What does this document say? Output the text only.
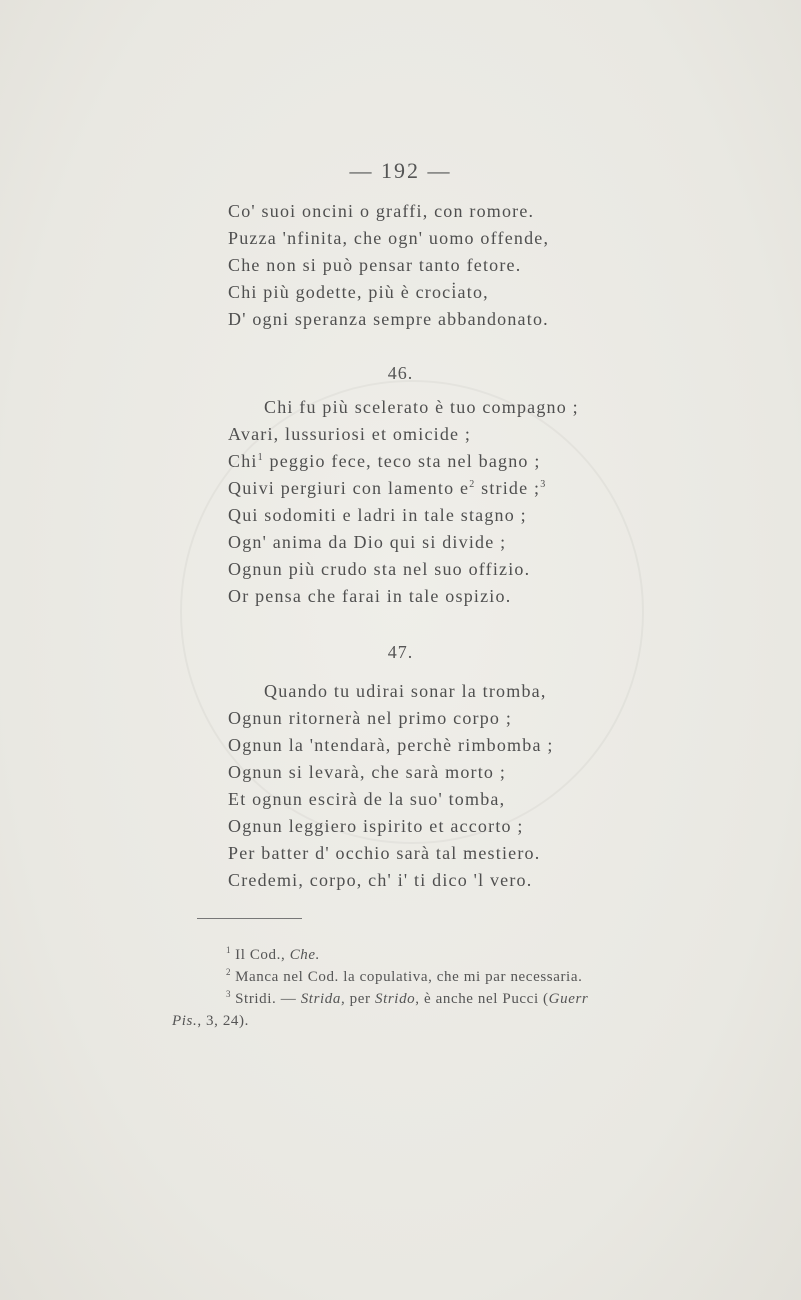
— 192 —
Co' suoi oncini o graffi, con romore.
Puzza 'nfinita, che ogn' uomo offende,
Che non si può pensar tanto fetore.
Chi più godette, più è croci̇ato,
D' ogni speranza sempre abbandonato.
46.
Chi fu più scelerato è tuo compagno ;
Avari, lussuriosi et omicide ;
Chi$^1$ peggio fece, teco sta nel bagno ;
Quivi pergiuri con lamento $e^2$ stride ;$^3$
Qui sodomiti e ladri in tale stagno ;
Ogn' anima da Dio qui si divide ;
Ognun più crudo sta nel suo offizio.
Or pensa che farai in tale ospizio.
47.
Quando tu udirai sonar la tromba,
Ognun ritornerà nel primo corpo ;
Ognun la 'ntendarà, perchè rimbomba ;
Ognun si levarà, che sarà morto ;
Et ognun escirà de la suo' tomba,
Ognun leggiero ispirito et accorto ;
Per batter d' occhio sarà tal mestiero.
Credemi, corpo, ch' i' ti dico 'l vero.
$^1$ Il Cod., Che.
$^2$ Manca nel Cod. la copulativa, che mi par necessaria.
$^3$ Stridi. — Strida, per Strido, è anche nel Pucci (Guerr
Pis., 3, 24).
